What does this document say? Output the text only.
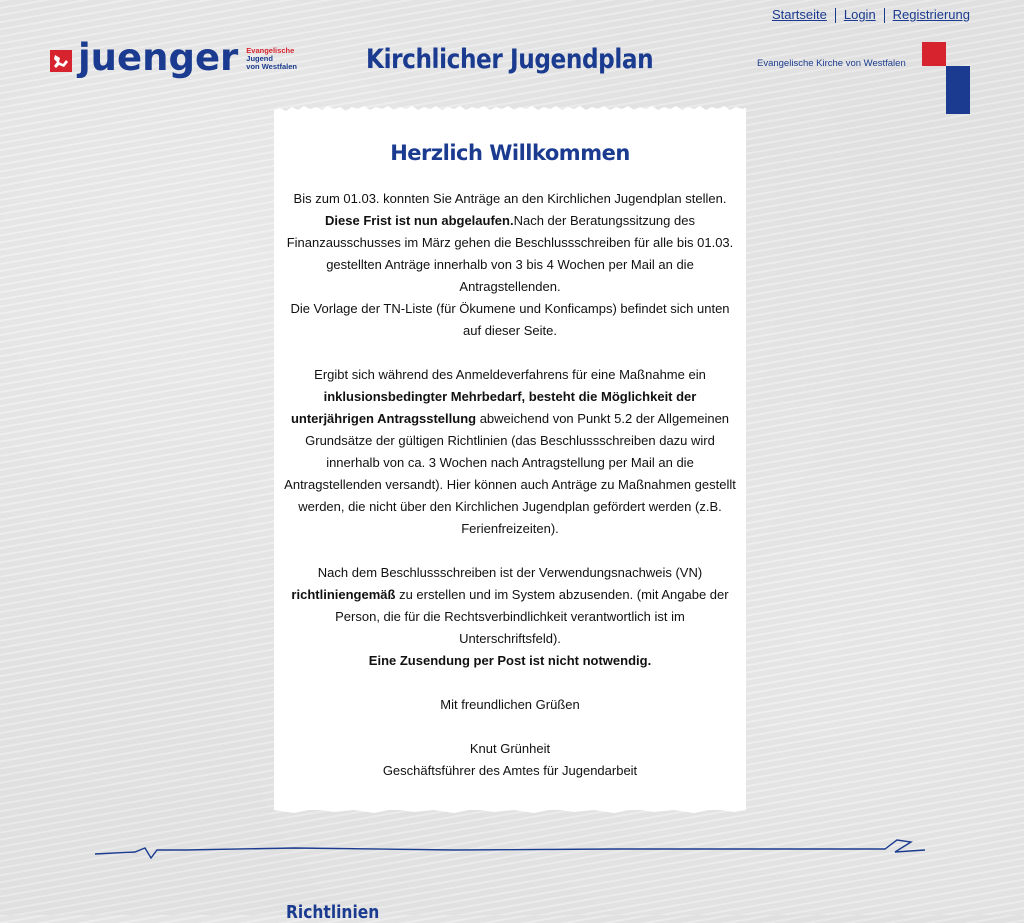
Startseite	Login	Registrierung
juenger Evangelische
Jugend
von Westfalen	Kirchlicher Jugendplan	Evangelische Kirche von Westfalen
Herzlich Willkommen

Bis zum 01.03. konnten Sie Anträge an den Kirchlichen Jugendplan stellen.
Diese Frist ist nun abgelaufen.Nach der Beratungssitzung des Finanzausschusses im März gehen die Beschlussschreiben für alle bis 01.03. gestellten Anträge innerhalb von 3 bis 4 Wochen per Mail an die Antragstellenden.
Die Vorlage der TN-Liste (für Ökumene und Konficamps) befindet sich unten auf dieser Seite.

Ergibt sich während des Anmeldeverfahrens für eine Maßnahme ein inklusionsbedingter Mehrbedarf, besteht die Möglichkeit der unterjährigen Antragsstellung abweichend von Punkt 5.2 der Allgemeinen Grundsätze der gültigen Richtlinien (das Beschlussschreiben dazu wird innerhalb von ca. 3 Wochen nach Antragstellung per Mail an die Antragstellenden versandt). Hier können auch Anträge zu Maßnahmen gestellt werden, die nicht über den Kirchlichen Jugendplan gefördert werden (z.B. Ferienfreizeiten).

Nach dem Beschlussschreiben ist der Verwendungsnachweis (VN) richtliniengemäß zu erstellen und im System abzusenden. (mit Angabe der Person, die für die Rechtsverbindlichkeit verantwortlich ist im Unterschriftsfeld).
Eine Zusendung per Post ist nicht notwendig.

Mit freundlichen Grüßen

Knut Grünheit

Geschäftsführer des Amtes für Jugendarbeit

Richtlinien
